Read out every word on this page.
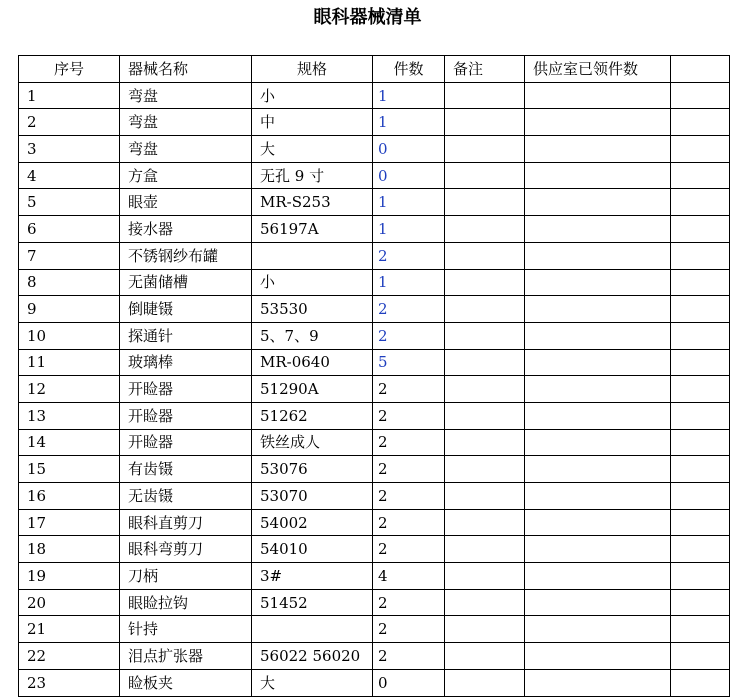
眼科器械清单
序号	器械名称	规格	件数	备注	供应室已领件数	
1	弯盘	小	1			
2	弯盘	中	1			
3	弯盘	大	0			
4	方盒	无孔 9 寸	0			
5	眼壶	MR-S253	1			
6	接水器	56197A	1			
7	不锈钢纱布罐		2			
8	无菌储槽	小	1			
9	倒睫镊	53530	2			
10	探通针	5、7、9	2			
11	玻璃棒	MR-0640	5			
12	开睑器	51290A	2			
13	开睑器	51262	2			
14	开睑器	铁丝成人	2			
15	有齿镊	53076	2			
16	无齿镊	53070	2			
17	眼科直剪刀	54002	2			
18	眼科弯剪刀	54010	2			
19	刀柄	3#	4			
20	眼睑拉钩	51452	2			
21	针持		2			
22	泪点扩张器	56022 56020	2			
23	睑板夹	大	0			
